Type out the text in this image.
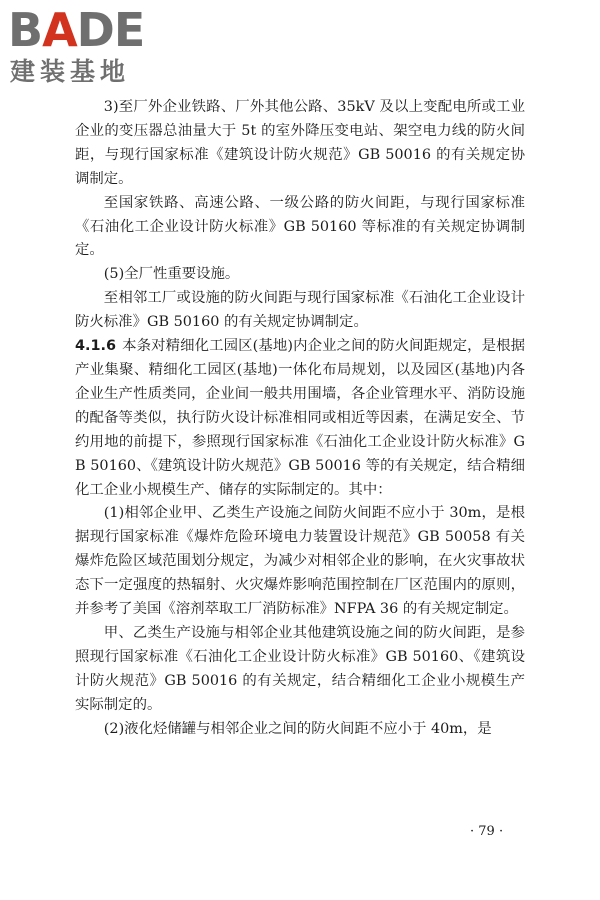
BADE
建装基地

3)至厂外企业铁路、厂外其他公路、35kV 及以上变配电所或工业企业的变压器总油量大于 5t 的室外降压变电站、架空电力线的防火间距，与现行国家标准《建筑设计防火规范》GB 50016 的有关规定协调制定。

至国家铁路、高速公路、一级公路的防火间距，与现行国家标准《石油化工企业设计防火标准》GB 50160 等标准的有关规定协调制定。

(5)全厂性重要设施。

至相邻工厂或设施的防火间距与现行国家标准《石油化工企业设计防火标准》GB 50160 的有关规定协调制定。

4.1.6 本条对精细化工园区(基地)内企业之间的防火间距规定，是根据产业集聚、精细化工园区(基地)一体化布局规划，以及园区(基地)内各企业生产性质类同，企业间一般共用围墙，各企业管理水平、消防设施的配备等类似，执行防火设计标准相同或相近等因素，在满足安全、节约用地的前提下，参照现行国家标准《石油化工企业设计防火标准》GB 50160、《建筑设计防火规范》GB 50016 等的有关规定，结合精细化工企业小规模生产、储存的实际制定的。其中：

(1)相邻企业甲、乙类生产设施之间防火间距不应小于 30m，是根据现行国家标准《爆炸危险环境电力装置设计规范》GB 50058 有关爆炸危险区域范围划分规定，为减少对相邻企业的影响，在火灾事故状态下一定强度的热辐射、火灾爆炸影响范围控制在厂区范围内的原则，并参考了美国《溶剂萃取工厂消防标准》NFPA 36 的有关规定制定。

甲、乙类生产设施与相邻企业其他建筑设施之间的防火间距，是参照现行国家标准《石油化工企业设计防火标准》GB 50160、《建筑设计防火规范》GB 50016 的有关规定，结合精细化工企业小规模生产实际制定的。

(2)液化烃储罐与相邻企业之间的防火间距不应小于 40m，是

· 79 ·
